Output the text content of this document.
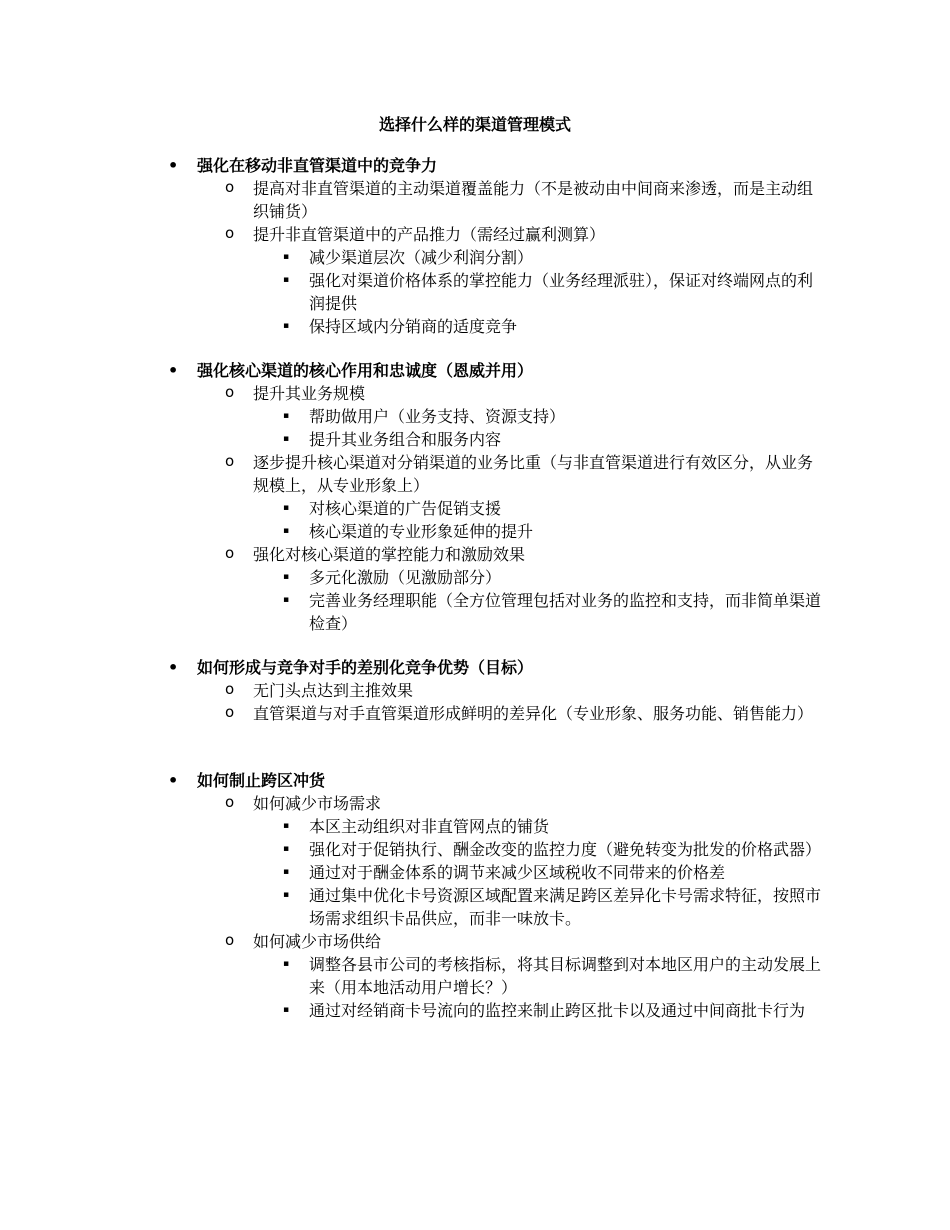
选择什么样的渠道管理模式
• 强化在移动非直管渠道中的竞争力
o 提高对非直管渠道的主动渠道覆盖能力（不是被动由中间商来渗透，而是主动组织铺货）
o 提升非直管渠道中的产品推力（需经过赢利测算）
▪ 减少渠道层次（减少利润分割）
▪ 强化对渠道价格体系的掌控能力（业务经理派驻），保证对终端网点的利润提供
▪ 保持区域内分销商的适度竞争
• 强化核心渠道的核心作用和忠诚度（恩威并用）
o 提升其业务规模
▪ 帮助做用户（业务支持、资源支持）
▪ 提升其业务组合和服务内容
o 逐步提升核心渠道对分销渠道的业务比重（与非直管渠道进行有效区分，从业务规模上，从专业形象上）
▪ 对核心渠道的广告促销支援
▪ 核心渠道的专业形象延伸的提升
o 强化对核心渠道的掌控能力和激励效果
▪ 多元化激励（见激励部分）
▪ 完善业务经理职能（全方位管理包括对业务的监控和支持，而非简单渠道检查）
• 如何形成与竞争对手的差别化竞争优势（目标）
o 无门头点达到主推效果
o 直管渠道与对手直管渠道形成鲜明的差异化（专业形象、服务功能、销售能力）
• 如何制止跨区冲货
o 如何减少市场需求
▪ 本区主动组织对非直管网点的铺货
▪ 强化对于促销执行、酬金改变的监控力度（避免转变为批发的价格武器）
▪ 通过对于酬金体系的调节来减少区域税收不同带来的价格差
▪ 通过集中优化卡号资源区域配置来满足跨区差异化卡号需求特征，按照市场需求组织卡品供应，而非一味放卡。
o 如何减少市场供给
▪ 调整各县市公司的考核指标，将其目标调整到对本地区用户的主动发展上来（用本地活动用户增长？）
▪ 通过对经销商卡号流向的监控来制止跨区批卡以及通过中间商批卡行为
